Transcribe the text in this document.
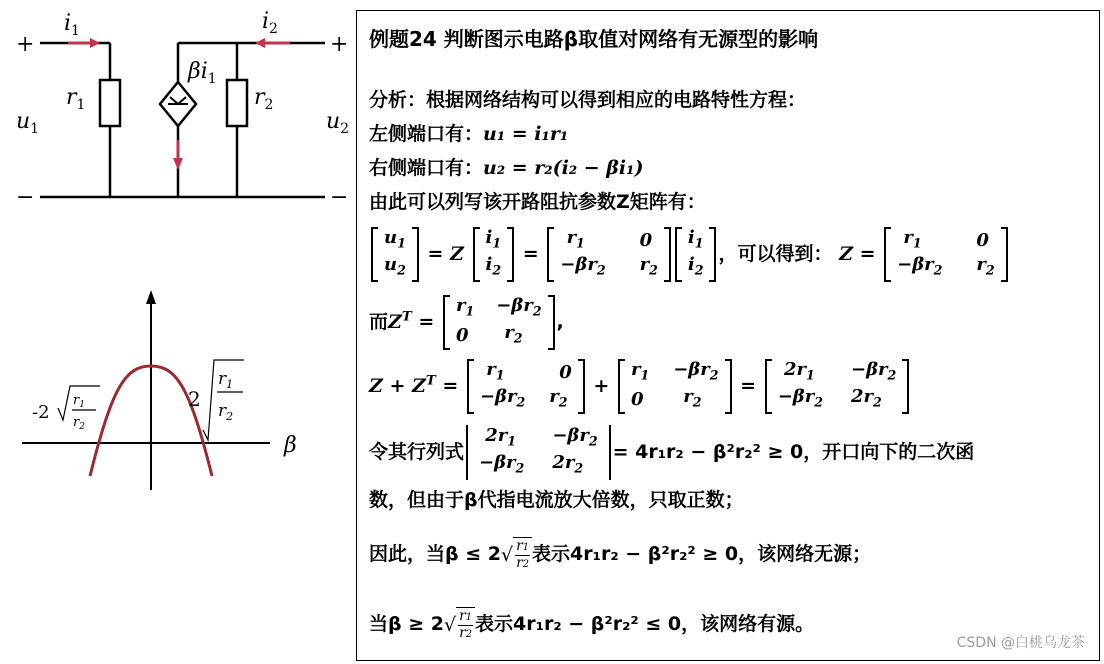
+	+
−	−
$i_1$	$i_2$
$r_1$	$r_2$
$\beta i_1$
$u_1$	$u_2$
β
-2
$r_1$
$r_2$
2
$r_1$
$r_2$
例题24 判断图示电路β取值对网络有无源型的影响
分析：根据网络结构可以得到相应的电路特性方程：
左侧端口有：u₁ = i₁r₁
右侧端口有：u₂ = r₂(i₂ − βi₁)
由此可以列写该开路阻抗参数Z矩阵有：
$u_1$
$u_2$
= Z
$i_1$
$i_2$
=
$r_1$	0
$-\beta r_2$	$r_2$
$i_1$
$i_2$
，可以得到： Z =
$r_1$	0
$-\beta r_2$	$r_2$
而$Z^T$ =
$r_1$	$-\beta r_2$
0	$r_2$
,
$Z + Z^T$ =
$r_1$	0
$-\beta r_2$	$r_2$
+
$r_1$	$-\beta r_2$
0	$r_2$
=
$2r_1$	$-\beta r_2$
$-\beta r_2$	$2r_2$
令其行列式
$2r_1$	$-\beta r_2$
$-\beta r_2$	$2r_2$
= 4r₁r₂ − β²r₂² ≥ 0，开口向下的二次函
数，但由于β代指电流放大倍数，只取正数；
因此，当$\beta \le 2√ \frac{r1}{r2}$ 表示4r₁r₂ − β²r₂² ≥ 0，该网络无源；
当$\beta \ge 2√ \frac{r1}{r2}$ 表示4r₁r₂ − β²r₂² ≤ 0，该网络有源。
CSDN @白桃乌龙茶
